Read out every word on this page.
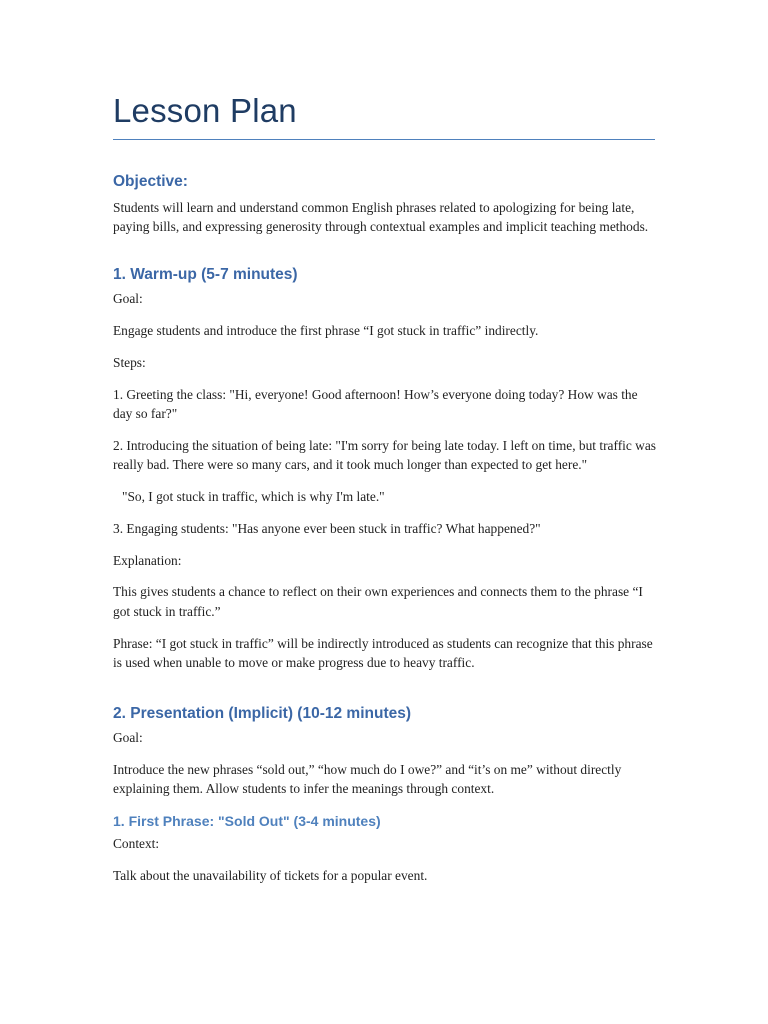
Lesson Plan
Objective:

Students will learn and understand common English phrases related to apologizing for being late, paying bills, and expressing generosity through contextual examples and implicit teaching methods.

1. Warm-up (5-7 minutes)

Goal:

Engage students and introduce the first phrase “I got stuck in traffic” indirectly.

Steps:

1. Greeting the class: "Hi, everyone! Good afternoon! How’s everyone doing today? How was the day so far?"

2. Introducing the situation of being late: "I'm sorry for being late today. I left on time, but traffic was really bad. There were so many cars, and it took much longer than expected to get here."

"So, I got stuck in traffic, which is why I'm late."

3. Engaging students: "Has anyone ever been stuck in traffic? What happened?"

Explanation:

This gives students a chance to reflect on their own experiences and connects them to the phrase “I got stuck in traffic.”

Phrase: “I got stuck in traffic” will be indirectly introduced as students can recognize that this phrase is used when unable to move or make progress due to heavy traffic.

2. Presentation (Implicit) (10-12 minutes)

Goal:

Introduce the new phrases “sold out,” “how much do I owe?” and “it’s on me” without directly explaining them. Allow students to infer the meanings through context.

1. First Phrase: "Sold Out" (3-4 minutes)

Context:

Talk about the unavailability of tickets for a popular event.
